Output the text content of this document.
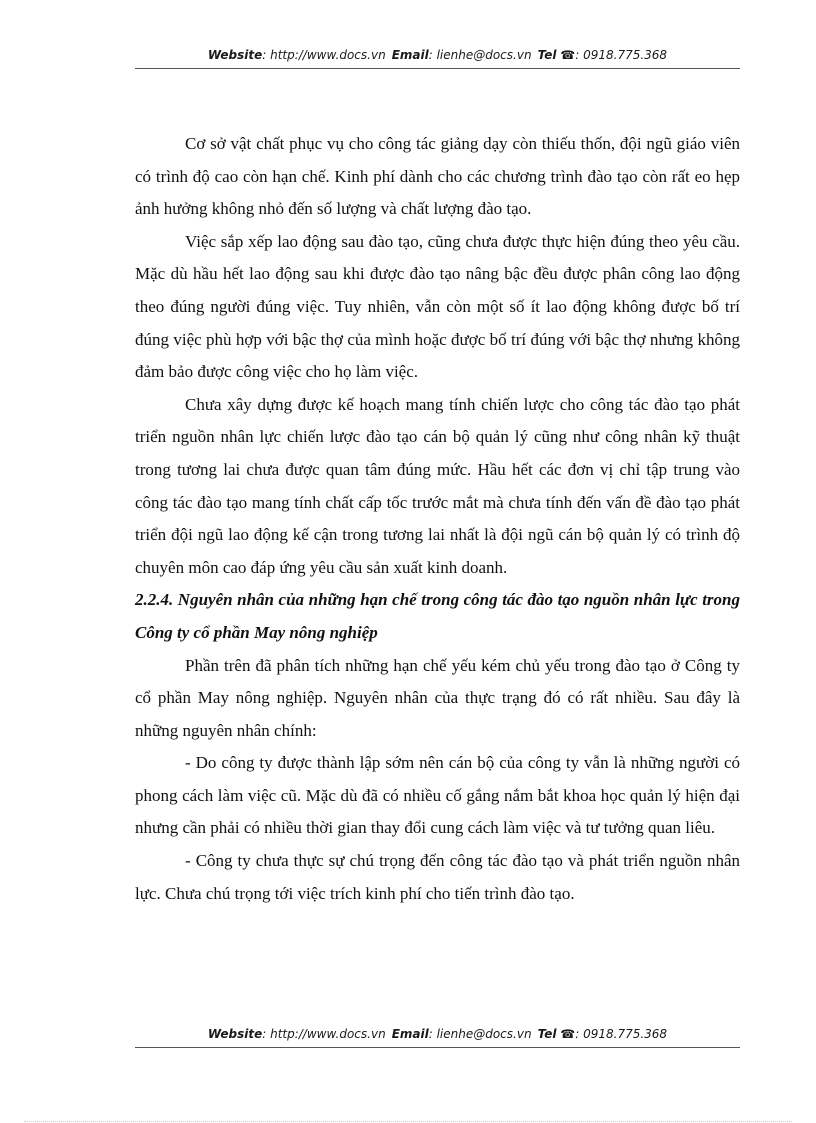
Website: http://www.docs.vn Email: lienhe@docs.vn Tel ☎: 0918.775.368

Cơ sở vật chất phục vụ cho công tác giảng dạy còn thiếu thốn, đội ngũ giáo viên có trình độ cao còn hạn chế. Kinh phí dành cho các chương trình đào tạo còn rất eo hẹp ảnh hưởng không nhỏ đến số lượng và chất lượng đào tạo.

Việc sắp xếp lao động sau đào tạo, cũng chưa được thực hiện đúng theo yêu cầu. Mặc dù hầu hết lao động sau khi được đào tạo nâng bậc đều được phân công lao động theo đúng người đúng việc. Tuy nhiên, vẫn còn một số ít lao động không được bố trí đúng việc phù hợp với bậc thợ của mình hoặc được bố trí đúng với bậc thợ nhưng không đảm bảo được công việc cho họ làm việc.

Chưa xây dựng được kế hoạch mang tính chiến lược cho công tác đào tạo phát triển nguồn nhân lực chiến lược đào tạo cán bộ quản lý cũng như công nhân kỹ thuật trong tương lai chưa được quan tâm đúng mức. Hầu hết các đơn vị chỉ tập trung vào công tác đào tạo mang tính chất cấp tốc trước mắt mà chưa tính đến vấn đề đào tạo phát triển đội ngũ lao động kế cận trong tương lai nhất là đội ngũ cán bộ quản lý có trình độ chuyên môn cao đáp ứng yêu cầu sản xuất kinh doanh.

2.2.4. Nguyên nhân của những hạn chế trong công tác đào tạo nguồn nhân lực trong Công ty cổ phần May nông nghiệp

Phần trên đã phân tích những hạn chế yếu kém chủ yếu trong đào tạo ở Công ty cổ phần May nông nghiệp. Nguyên nhân của thực trạng đó có rất nhiều. Sau đây là những nguyên nhân chính:

- Do công ty được thành lập sớm nên cán bộ của công ty vẫn là những người có phong cách làm việc cũ. Mặc dù đã có nhiều cố gắng nắm bắt khoa học quản lý hiện đại nhưng cần phải có nhiều thời gian thay đổi cung cách làm việc và tư tưởng quan liêu.

- Công ty chưa thực sự chú trọng đến công tác đào tạo và phát triển nguồn nhân lực. Chưa chú trọng tới việc trích kinh phí cho tiến trình đào tạo.

Website: http://www.docs.vn Email: lienhe@docs.vn Tel ☎: 0918.775.368
